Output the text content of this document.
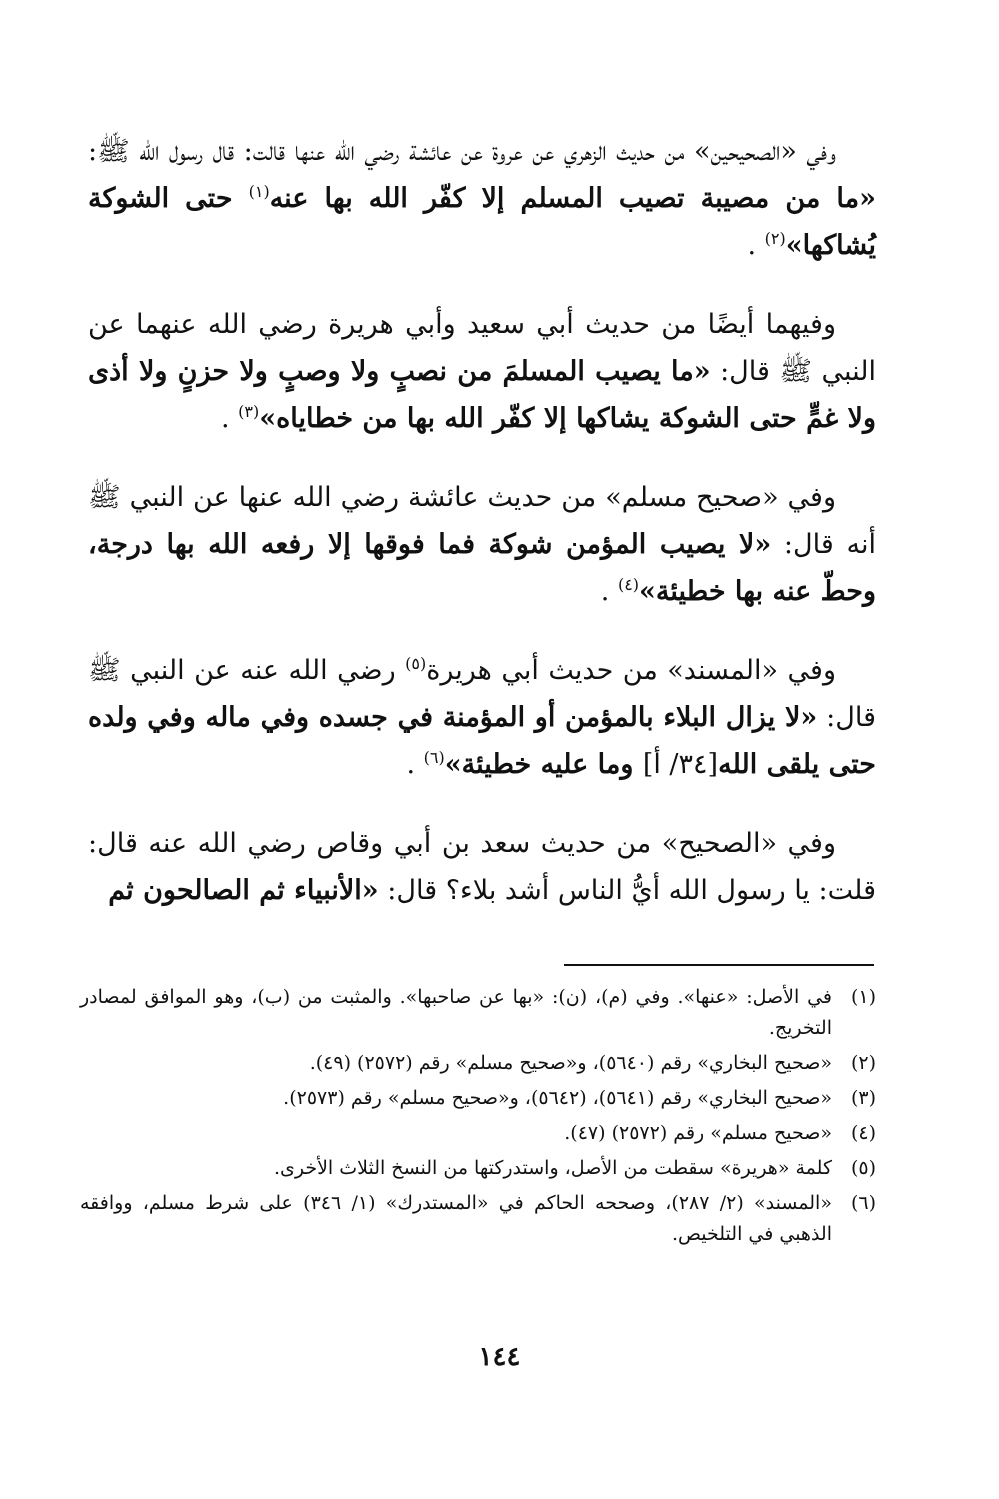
وفي «الصحيحين» من حديث الزهري عن عروة عن عائشة رضي الله عنها قالت: قال رسول الله ﷺ: «ما من مصيبة تصيب المسلم إلا كفّر الله بها عنه$^{(١)}$ حتى الشوكة يُشاكها»$^{(٢)}$ .

وفيهما أيضًا من حديث أبي سعيد وأبي هريرة رضي الله عنهما عن النبي ﷺ قال: «ما يصيب المسلمَ من نصبٍ ولا وصبٍ ولا حزنٍ ولا أذى ولا غمٍّ حتى الشوكة يشاكها إلا كفّر الله بها من خطاياه»$^{(٣)}$ .

وفي «صحيح مسلم» من حديث عائشة رضي الله عنها عن النبي ﷺ أنه قال: «لا يصيب المؤمن شوكة فما فوقها إلا رفعه الله بها درجة، وحطّ عنه بها خطيئة»$^{(٤)}$ .

وفي «المسند» من حديث أبي هريرة$^{(٥)}$ رضي الله عنه عن النبي ﷺ قال: «لا يزال البلاء بالمؤمن أو المؤمنة في جسده وفي ماله وفي ولده حتى يلقى الله[٣٤/ أ] وما عليه خطيئة»$^{(٦)}$ .

وفي «الصحيح» من حديث سعد بن أبي وقاص رضي الله عنه قال: قلت: يا رسول الله أيُّ الناس أشد بلاء؟ قال: «الأنبياء ثم الصالحون ثم

(١)
في الأصل: «عنها». وفي (م)، (ن): «بها عن صاحبها». والمثبت من (ب)، وهو الموافق لمصادر التخريج.
(٢)
«صحيح البخاري» رقم (٥٦٤٠)، و«صحيح مسلم» رقم (٢٥٧٢) (٤٩).
(٣)
«صحيح البخاري» رقم (٥٦٤١)، (٥٦٤٢)، و«صحيح مسلم» رقم (٢٥٧٣).
(٤)
«صحيح مسلم» رقم (٢٥٧٢) (٤٧).
(٥)
كلمة «هريرة» سقطت من الأصل، واستدركتها من النسخ الثلاث الأخرى.
(٦)
«المسند» (٢/ ٢٨٧)، وصححه الحاكم في «المستدرك» (١/ ٣٤٦) على شرط مسلم، ووافقه الذهبي في التلخيص.
١٤٤
